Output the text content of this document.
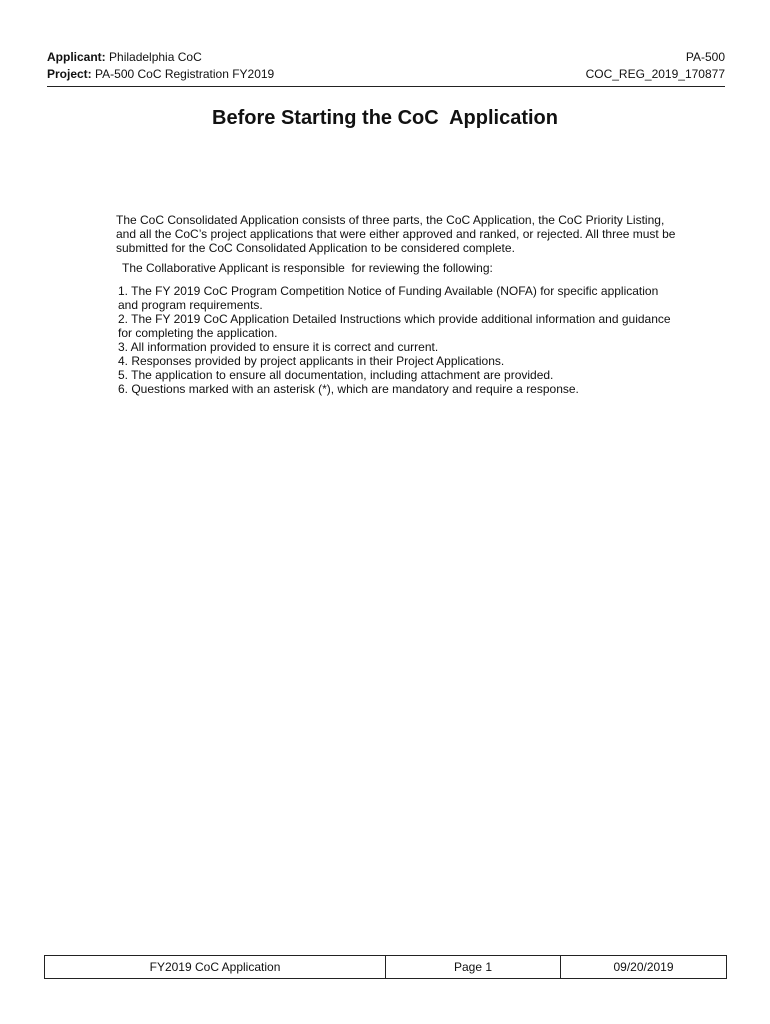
Applicant: Philadelphia CoC	PA-500
Project: PA-500 CoC Registration FY2019	COC_REG_2019_170877
Before Starting the CoC  Application

The CoC Consolidated Application consists of three parts, the CoC Application, the CoC Priority Listing, and all the CoC’s project applications that were either approved and ranked, or rejected. All three must be submitted for the CoC Consolidated Application to be considered complete.

The Collaborative Applicant is responsible  for reviewing the following:

1. The FY 2019 CoC Program Competition Notice of Funding Available (NOFA) for specific application and program requirements.
2. The FY 2019 CoC Application Detailed Instructions which provide additional information and guidance for completing the application.
3. All information provided to ensure it is correct and current.
4. Responses provided by project applicants in their Project Applications.
5. The application to ensure all documentation, including attachment are provided.
6. Questions marked with an asterisk (*), which are mandatory and require a response.
FY2019 CoC Application	Page 1	09/20/2019
